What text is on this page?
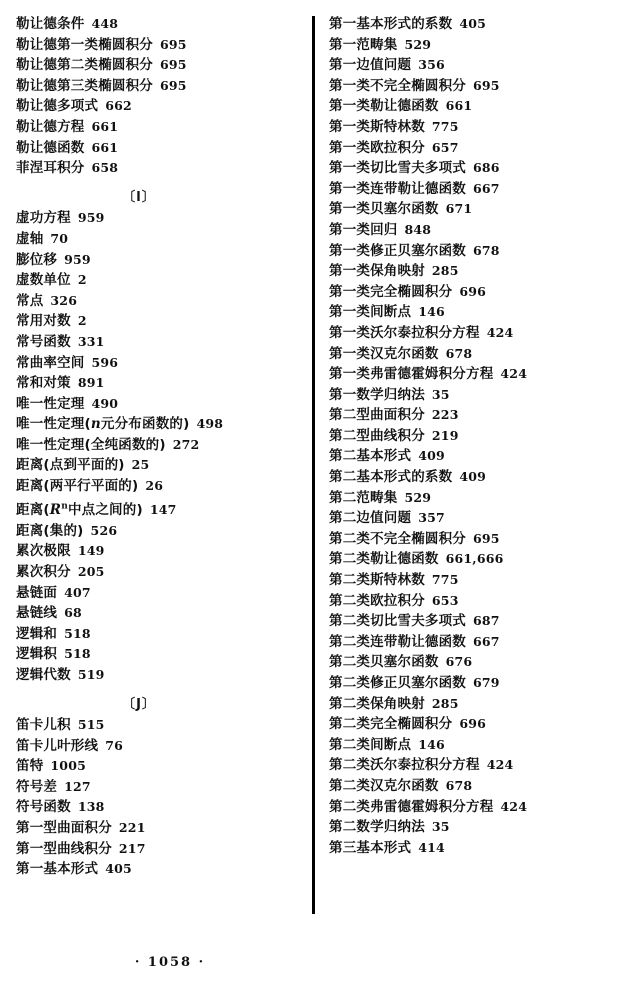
勒让德条件 448
勒让德第一类椭圆积分 695
勒让德第二类椭圆积分 695
勒让德第三类椭圆积分 695
勒让德多项式 662
勒让德方程 661
勒让德函数 661
菲涅耳积分 658
〔l〕
虚功方程 959
虚轴 70
膨位移 959
虚数单位 2
常点 326
常用对数 2
常号函数 331
常曲率空间 596
常和对策 891
唯一性定理 490
唯一性定理(n元分布函数的) 498
唯一性定理(全纯函数的) 272
距离(点到平面的) 25
距离(两平行平面的) 26
距离($R^n$中点之间的) 147
距离(集的) 526
累次极限 149
累次积分 205
悬链面 407
悬链线 68
逻辑和 518
逻辑积 518
逻辑代数 519
〔J〕
笛卡儿积 515
笛卡儿叶形线 76
笛特 1005
符号差 127
符号函数 138
第一型曲面积分 221
第一型曲线积分 217
第一基本形式 405
第一基本形式的系数 405
第一范畴集 529
第一边值问题 356
第一类不完全椭圆积分 695
第一类勒让德函数 661
第一类斯特林数 775
第一类欧拉积分 657
第一类切比雪夫多项式 686
第一类连带勒让德函数 667
第一类贝塞尔函数 671
第一类回归 848
第一类修正贝塞尔函数 678
第一类保角映射 285
第一类完全椭圆积分 696
第一类间断点 146
第一类沃尔泰拉积分方程 424
第一类汉克尔函数 678
第一类弗雷德霍姆积分方程 424
第一数学归纳法 35
第二型曲面积分 223
第二型曲线积分 219
第二基本形式 409
第二基本形式的系数 409
第二范畴集 529
第二边值问题 357
第二类不完全椭圆积分 695
第二类勒让德函数 661,666
第二类斯特林数 775
第二类欧拉积分 653
第二类切比雪夫多项式 687
第二类连带勒让德函数 667
第二类贝塞尔函数 676
第二类修正贝塞尔函数 679
第二类保角映射 285
第二类完全椭圆积分 696
第二类间断点 146
第二类沃尔泰拉积分方程 424
第二类汉克尔函数 678
第二类弗雷德霍姆积分方程 424
第二数学归纳法 35
第三基本形式 414
· 1058 ·
